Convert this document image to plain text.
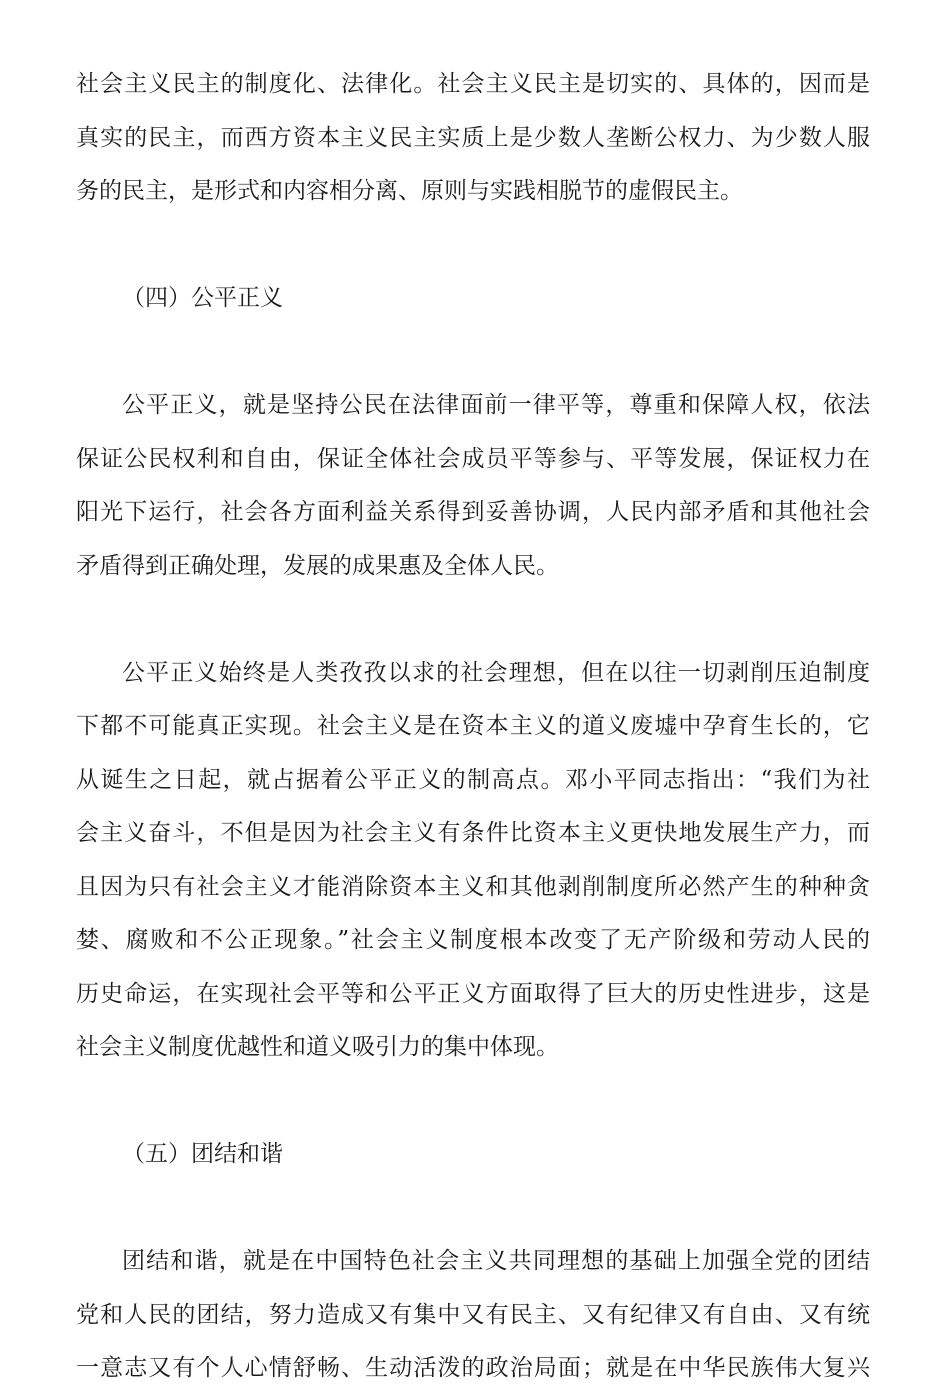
社会主义民主的制度化、法律化。社会主义民主是切实的、具体的，因而是
真实的民主，而西方资本主义民主实质上是少数人垄断公权力、为少数人服
务的民主，是形式和内容相分离、原则与实践相脱节的虚假民主。
（四）公平正义
公平正义，就是坚持公民在法律面前一律平等，尊重和保障人权，依法
保证公民权利和自由，保证全体社会成员平等参与、平等发展，保证权力在
阳光下运行，社会各方面利益关系得到妥善协调，人民内部矛盾和其他社会
矛盾得到正确处理，发展的成果惠及全体人民。
公平正义始终是人类孜孜以求的社会理想，但在以往一切剥削压迫制度
下都不可能真正实现。社会主义是在资本主义的道义废墟中孕育生长的，它
从诞生之日起，就占据着公平正义的制高点。邓小平同志指出：“我们为社
会主义奋斗，不但是因为社会主义有条件比资本主义更快地发展生产力，而
且因为只有社会主义才能消除资本主义和其他剥削制度所必然产生的种种贪
婪、腐败和不公正现象。”社会主义制度根本改变了无产阶级和劳动人民的
历史命运，在实现社会平等和公平正义方面取得了巨大的历史性进步，这是
社会主义制度优越性和道义吸引力的集中体现。
（五）团结和谐
团结和谐，就是在中国特色社会主义共同理想的基础上加强全党的团结
党和人民的团结，努力造成又有集中又有民主、又有纪律又有自由、又有统
一意志又有个人心情舒畅、生动活泼的政治局面；就是在中华民族伟大复兴
